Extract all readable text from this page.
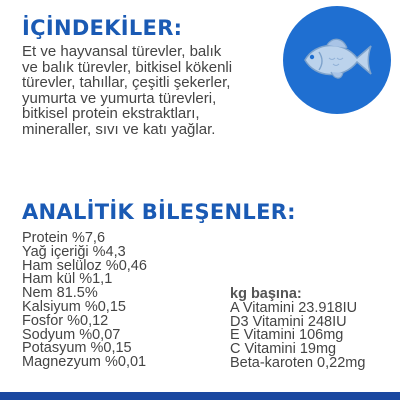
İÇİNDEKİLER:
Et ve hayvansal türevler, balık
ve balık türevler, bitkisel kökenli
türevler, tahıllar, çeşitli şekerler,
yumurta ve yumurta türevleri,
bitkisel protein ekstraktları,
mineraller, sıvı ve katı yağlar.
ANALİTİK BİLEŞENLER:
Protein %7,6
Yağ içeriği %4,3
Ham selüloz %0,46
Ham kül %1,1
Nem 81.5%
Kalsiyum %0,15
Fosfor %0,12
Sodyum %0,07
Potasyum %0,15
Magnezyum %0,01
kg başına:
A Vitamini 23.918IU
D3 Vitamini 248IU
E Vitamini 106mg
C Vitamini 19mg
Beta-karoten 0,22mg
